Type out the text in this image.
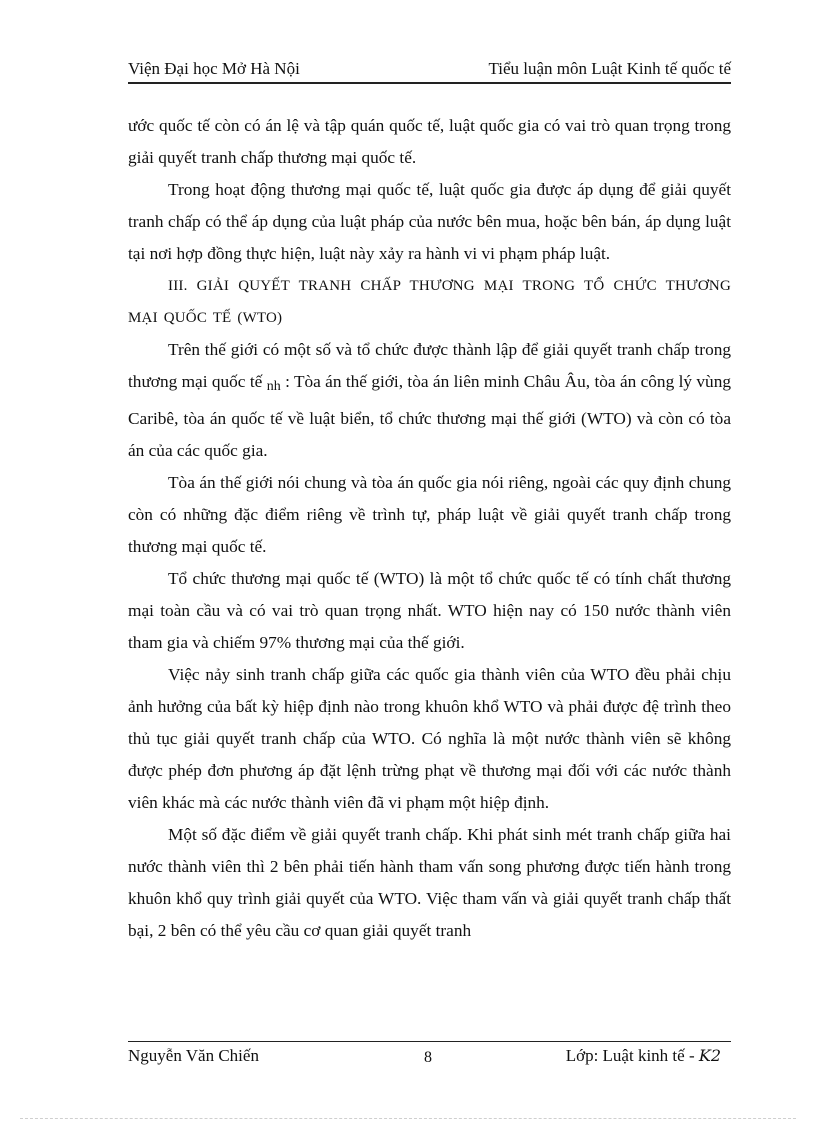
Viện Đại học Mở Hà Nội	Tiểu luận môn Luật Kinh tế quốc tế

ước quốc tế còn có án lệ và tập quán quốc tế, luật quốc gia có vai trò quan trọng trong giải quyết tranh chấp thương mại quốc tế.

Trong hoạt động thương mại quốc tế, luật quốc gia được áp dụng để giải quyết tranh chấp có thể áp dụng của luật pháp của nước bên mua, hoặc bên bán, áp dụng luật tại nơi hợp đồng thực hiện, luật này xảy ra hành vi vi phạm pháp luật.

III. GIẢI QUYẾT TRANH CHẤP THƯƠNG MẠI TRONG TỔ CHỨC THƯƠNG MẠI QUỐC TẾ (WTO)

Trên thế giới có một số và tổ chức được thành lập để giải quyết tranh chấp trong thương mại quốc tế nh : Tòa án thế giới, tòa án liên minh Châu Âu, tòa án công lý vùng Caribê, tòa án quốc tế về luật biển, tổ chức thương mại thế giới (WTO) và còn có tòa án của các quốc gia.

Tòa án thế giới nói chung và tòa án quốc gia nói riêng, ngoài các quy định chung còn có những đặc điểm riêng về trình tự, pháp luật về giải quyết tranh chấp trong thương mại quốc tế.

Tổ chức thương mại quốc tế (WTO) là một tổ chức quốc tế có tính chất thương mại toàn cầu và có vai trò quan trọng nhất. WTO hiện nay có 150 nước thành viên tham gia và chiếm 97% thương mại của thế giới.

Việc nảy sinh tranh chấp giữa các quốc gia thành viên của WTO đều phải chịu ảnh hưởng của bất kỳ hiệp định nào trong khuôn khổ WTO và phải được đệ trình theo thủ tục giải quyết tranh chấp của WTO. Có nghĩa là một nước thành viên sẽ không được phép đơn phương áp đặt lệnh trừng phạt về thương mại đối với các nước thành viên khác mà các nước thành viên đã vi phạm một hiệp định.

Một số đặc điểm về giải quyết tranh chấp. Khi phát sinh mét tranh chấp giữa hai nước thành viên thì 2 bên phải tiến hành tham vấn song phương được tiến hành trong khuôn khổ quy trình giải quyết của WTO. Việc tham vấn và giải quyết tranh chấp thất bại, 2 bên có thể yêu cầu cơ quan giải quyết tranh

Nguyễn Văn Chiến	8	Lớp: Luật kinh tế - K2
